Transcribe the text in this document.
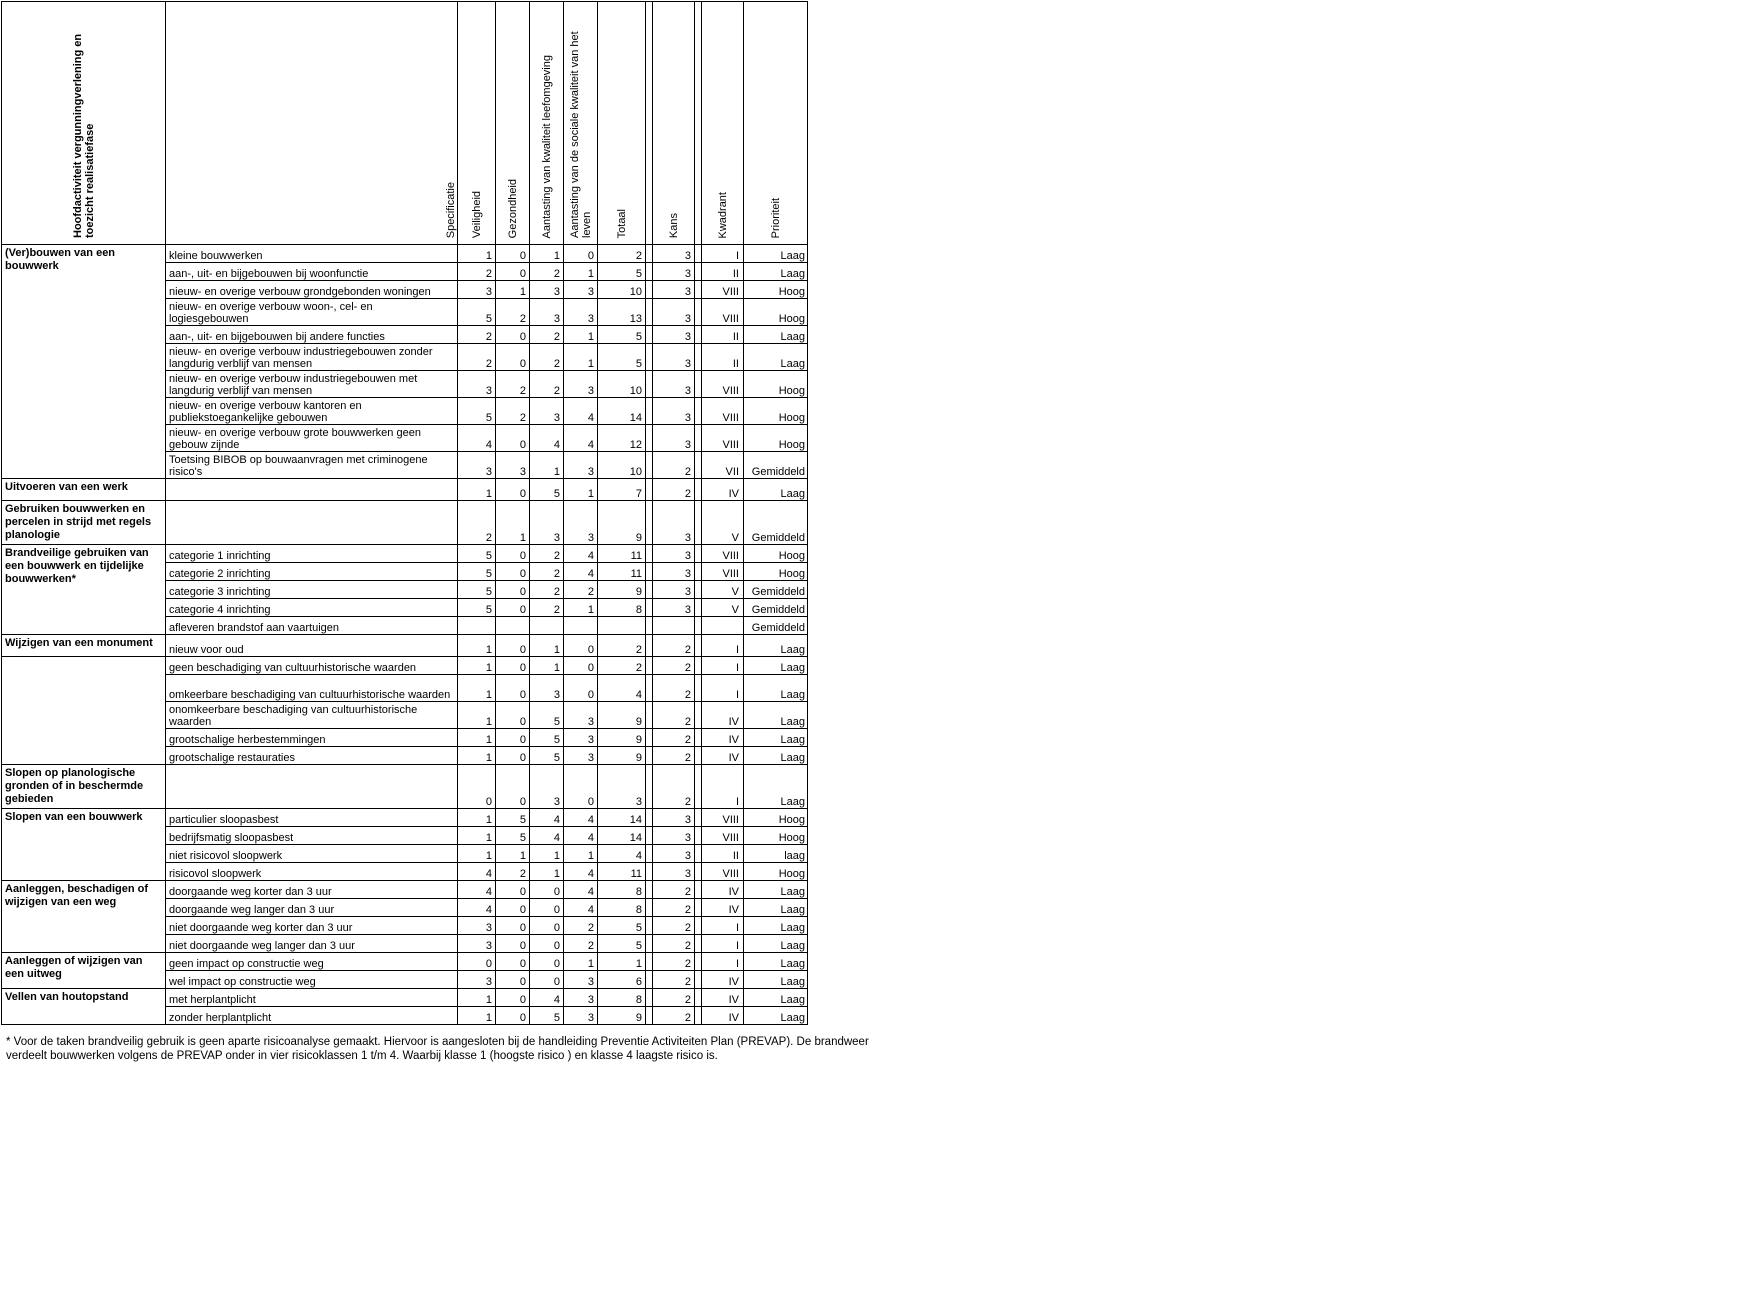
Hoofdactiviteit vergunningverlening en toezicht realisatiefase	Specificatie	Veiligheid	Gezondheid	Aantasting van kwaliteit leefomgeving	Aantasting van de sociale kwaliteit van het leven	Totaal		Kans		Kwadrant	Prioriteit

(Ver)bouwen van een bouwwerk	kleine bouwwerken	1	0	1	0	2		3		I	Laag
	aan-, uit- en bijgebouwen bij woonfunctie	2	0	2	1	5		3		II	Laag
	nieuw- en overige verbouw grondgebonden woningen	3	1	3	3	10		3		VIII	Hoog
	nieuw- en overige verbouw woon-, cel- en logiesgebouwen	5	2	3	3	13		3		VIII	Hoog
	aan-, uit- en bijgebouwen bij andere functies	2	0	2	1	5		3		II	Laag
	nieuw- en overige verbouw industriegebouwen zonder langdurig verblijf van mensen	2	0	2	1	5		3		II	Laag
	nieuw- en overige verbouw industriegebouwen met langdurig verblijf van mensen	3	2	2	3	10		3		VIII	Hoog
	nieuw- en overige verbouw kantoren en publiekstoegankelijke gebouwen	5	2	3	4	14		3		VIII	Hoog
	nieuw- en overige verbouw grote bouwwerken geen gebouw zijnde	4	0	4	4	12		3		VIII	Hoog
	Toetsing BIBOB op bouwaanvragen met criminogene risico's	3	3	1	3	10		2		VII	Gemiddeld
Uitvoeren van een werk		1	0	5	1	7		2		IV	Laag
Gebruiken bouwwerken en percelen in strijd met regels planologie		2	1	3	3	9		3		V	Gemiddeld
Brandveilige gebruiken van een bouwwerk en tijdelijke bouwwerken*	categorie 1 inrichting	5	0	2	4	11		3		VIII	Hoog
	categorie 2 inrichting	5	0	2	4	11		3		VIII	Hoog
	categorie 3 inrichting	5	0	2	2	9		3		V	Gemiddeld
	categorie 4 inrichting	5	0	2	1	8		3		V	Gemiddeld
	afleveren brandstof aan vaartuigen										Gemiddeld
Wijzigen van een monument	nieuw voor oud	1	0	1	0	2		2		I	Laag
	geen beschadiging van cultuurhistorische waarden	1	0	1	0	2		2		I	Laag
	omkeerbare beschadiging van cultuurhistorische waarden	1	0	3	0	4		2		I	Laag
	onomkeerbare beschadiging van cultuurhistorische waarden	1	0	5	3	9		2		IV	Laag
	grootschalige herbestemmingen	1	0	5	3	9		2		IV	Laag
	grootschalige restauraties	1	0	5	3	9		2		IV	Laag
Slopen op planologische gronden of in beschermde gebieden		0	0	3	0	3		2		I	Laag
Slopen van een bouwwerk	particulier sloopasbest	1	5	4	4	14		3		VIII	Hoog
	bedrijfsmatig sloopasbest	1	5	4	4	14		3		VIII	Hoog
	niet risicovol sloopwerk	1	1	1	1	4		3		II	laag
	risicovol sloopwerk	4	2	1	4	11		3		VIII	Hoog
Aanleggen, beschadigen of wijzigen van een weg	doorgaande weg korter dan 3 uur	4	0	0	4	8		2		IV	Laag
	doorgaande weg langer dan 3 uur	4	0	0	4	8		2		IV	Laag
	niet doorgaande weg korter dan 3 uur	3	0	0	2	5		2		I	Laag
	niet doorgaande weg langer dan 3 uur	3	0	0	2	5		2		I	Laag
Aanleggen of wijzigen van een uitweg	geen impact op constructie weg	0	0	0	1	1		2		I	Laag
	wel impact op constructie weg	3	0	0	3	6		2		IV	Laag
Vellen van houtopstand	met herplantplicht	1	0	4	3	8		2		IV	Laag
	zonder herplantplicht	1	0	5	3	9		2		IV	Laag
* Voor de taken brandveilig gebruik is geen aparte risicoanalyse gemaakt. Hiervoor is aangesloten bij de handleiding Preventie Activiteiten Plan (PREVAP). De brandweer verdeelt bouwwerken volgens de PREVAP onder in vier risicoklassen 1 t/m 4. Waarbij klasse 1 (hoogste risico ) en klasse 4 laagste risico is.
